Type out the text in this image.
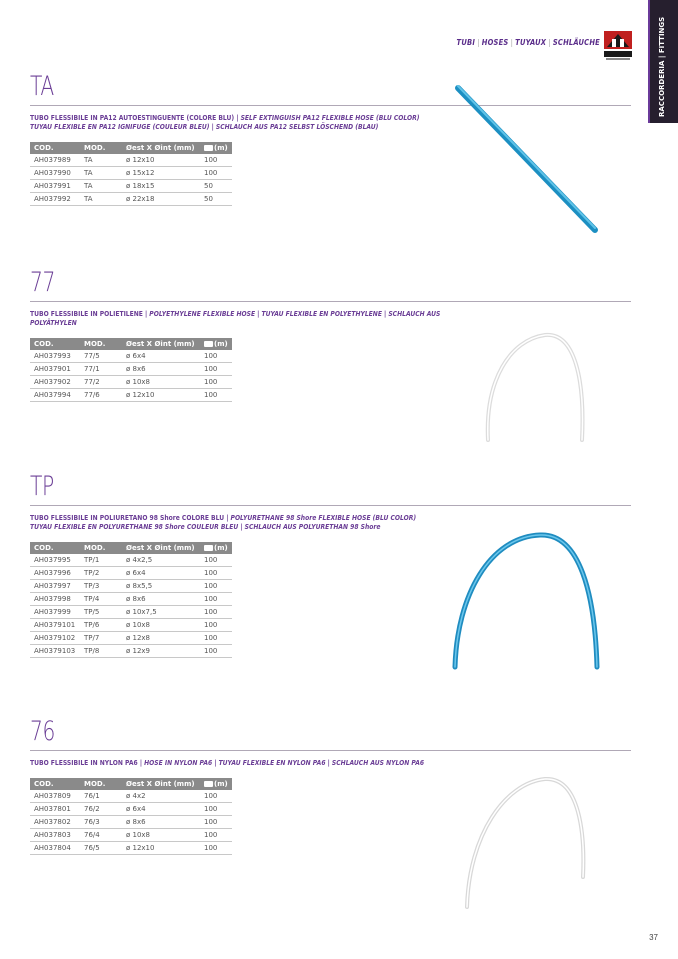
TUBI | HOSES | TUYAUX | SCHLÄUCHE	RACCORDERIA | FITTINGS
TA
TUBO FLESSIBILE IN PA12 AUTOESTINGUENTE (COLORE BLU) | SELF EXTINGUISH PA12 FLEXIBLE HOSE (BLU COLOR)
TUYAU FLEXIBLE EN PA12 IGNIFUGE (COULEUR BLEU) | SCHLAUCH AUS PA12 SELBST LÖSCHEND (BLAU)
COD.	MOD.	Øest X Øint (mm)	(m)
AH037989	TA	ø 12x10	100
AH037990	TA	ø 15x12	100
AH037991	TA	ø 18x15	50
AH037992	TA	ø 22x18	50
77
TUBO FLESSIBILE IN POLIETILENE | POLYETHYLENE FLEXIBLE HOSE | TUYAU FLEXIBLE EN POLYETHYLENE | SCHLAUCH AUS POLYÄTHYLEN
COD.	MOD.	Øest X Øint (mm)	(m)
AH037993	77/5	ø 6x4	100
AH037901	77/1	ø 8x6	100
AH037902	77/2	ø 10x8	100
AH037994	77/6	ø 12x10	100
TP
TUBO FLESSIBILE IN POLIURETANO 98 Shore COLORE BLU | POLYURETHANE 98 Shore FLEXIBLE HOSE (BLU COLOR)
TUYAU FLEXIBLE EN POLYURETHANE 98 Shore COULEUR BLEU | SCHLAUCH AUS POLYURETHAN 98 Shore
COD.	MOD.	Øest X Øint (mm)	(m)
AH037995	TP/1	ø 4x2,5	100
AH037996	TP/2	ø 6x4	100
AH037997	TP/3	ø 8x5,5	100
AH037998	TP/4	ø 8x6	100
AH037999	TP/5	ø 10x7,5	100
AH0379101	TP/6	ø 10x8	100
AH0379102	TP/7	ø 12x8	100
AH0379103	TP/8	ø 12x9	100
76
TUBO FLESSIBILE IN NYLON PA6 | HOSE IN NYLON PA6 | TUYAU FLEXIBLE EN NYLON PA6 | SCHLAUCH AUS NYLON PA6
COD.	MOD.	Øest X Øint (mm)	(m)
AH037809	76/1	ø 4x2	100
AH037801	76/2	ø 6x4	100
AH037802	76/3	ø 8x6	100
AH037803	76/4	ø 10x8	100
AH037804	76/5	ø 12x10	100
37
